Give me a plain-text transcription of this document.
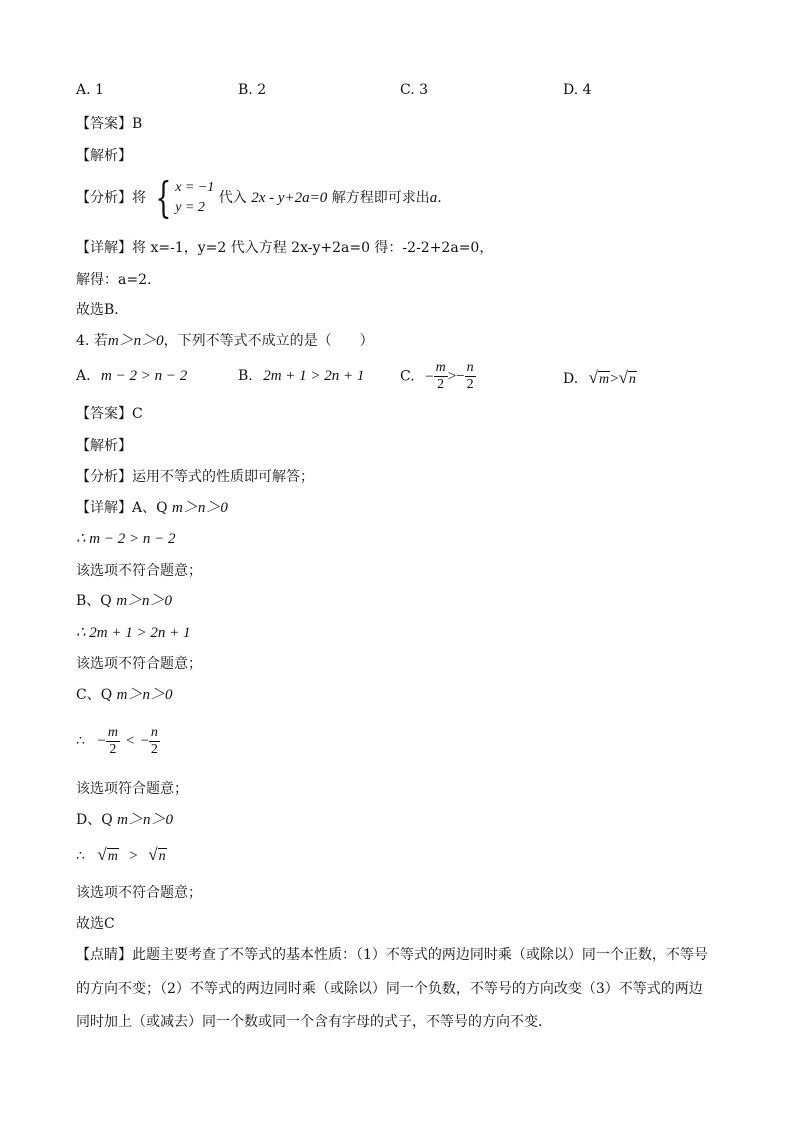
A. 1	B. 2	C. 3	D. 4
【答案】B
【解析】
【分析】将 { x = −1
y = 2
代入 2x - y+2a=0 解方程即可求出a.
【详解】将 x=-1，y=2 代入方程 2x-y+2a=0 得：-2-2+2a=0，
解得：a=2.
故选B．
4. 若m＞n＞0，下列不等式不成立的是（　　）
A. m − 2 > n − 2	B. 2m + 1 > 2n + 1	C. − $\frac{m}{2} >- \frac{n}{2}$	D. √m>√n
【答案】C
【解析】
【分析】运用不等式的性质即可解答；
【详解】A、Q m＞n＞0
∴ m − 2 > n − 2
该选项不符合题意；
B、Q m＞n＞0
∴ 2m + 1 > 2n + 1
该选项不符合题意；
C、Q m＞n＞0
∴ − $\frac{m}{2}$ < − $\frac{n}{2}$
该选项符合题意；
D、Q m＞n＞0
∴ √m > √n
该选项不符合题意；
故选C
【点睛】此题主要考查了不等式的基本性质：（1）不等式的两边同时乘（或除以）同一个正数，不等号
的方向不变；（2）不等式的两边同时乘（或除以）同一个负数，不等号的方向改变（3）不等式的两边
同时加上（或减去）同一个数或同一个含有字母的式子，不等号的方向不变．
